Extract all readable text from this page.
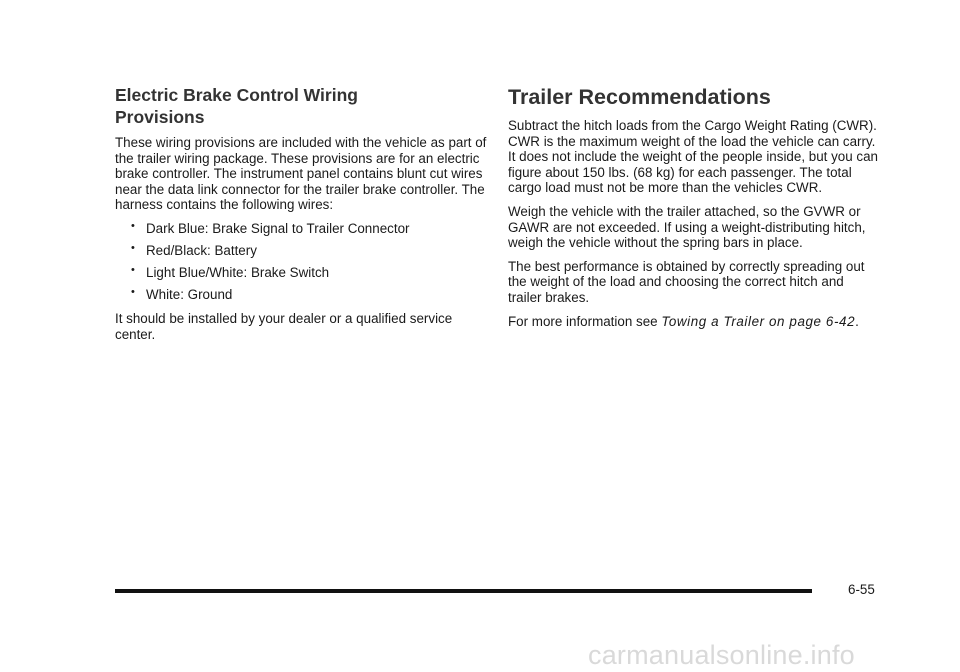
Electric Brake Control Wiring
Provisions

These wiring provisions are included with the vehicle as part of the trailer wiring package. These provisions are for an electric brake controller. The instrument panel contains blunt cut wires near the data link connector for the trailer brake controller. The harness contains the following wires:

• Dark Blue: Brake Signal to Trailer Connector
• Red/Black: Battery
• Light Blue/White: Brake Switch
• White: Ground

It should be installed by your dealer or a qualified service center.

Trailer Recommendations

Subtract the hitch loads from the Cargo Weight Rating (CWR). CWR is the maximum weight of the load the vehicle can carry. It does not include the weight of the people inside, but you can figure about 150 lbs. (68 kg) for each passenger. The total cargo load must not be more than the vehicles CWR.

Weigh the vehicle with the trailer attached, so the GVWR or GAWR are not exceeded. If using a weight-distributing hitch, weigh the vehicle without the spring bars in place.

The best performance is obtained by correctly spreading out the weight of the load and choosing the correct hitch and trailer brakes.

For more information see Towing a Trailer on page 6-42.

6-55
carmanualsonline.info
